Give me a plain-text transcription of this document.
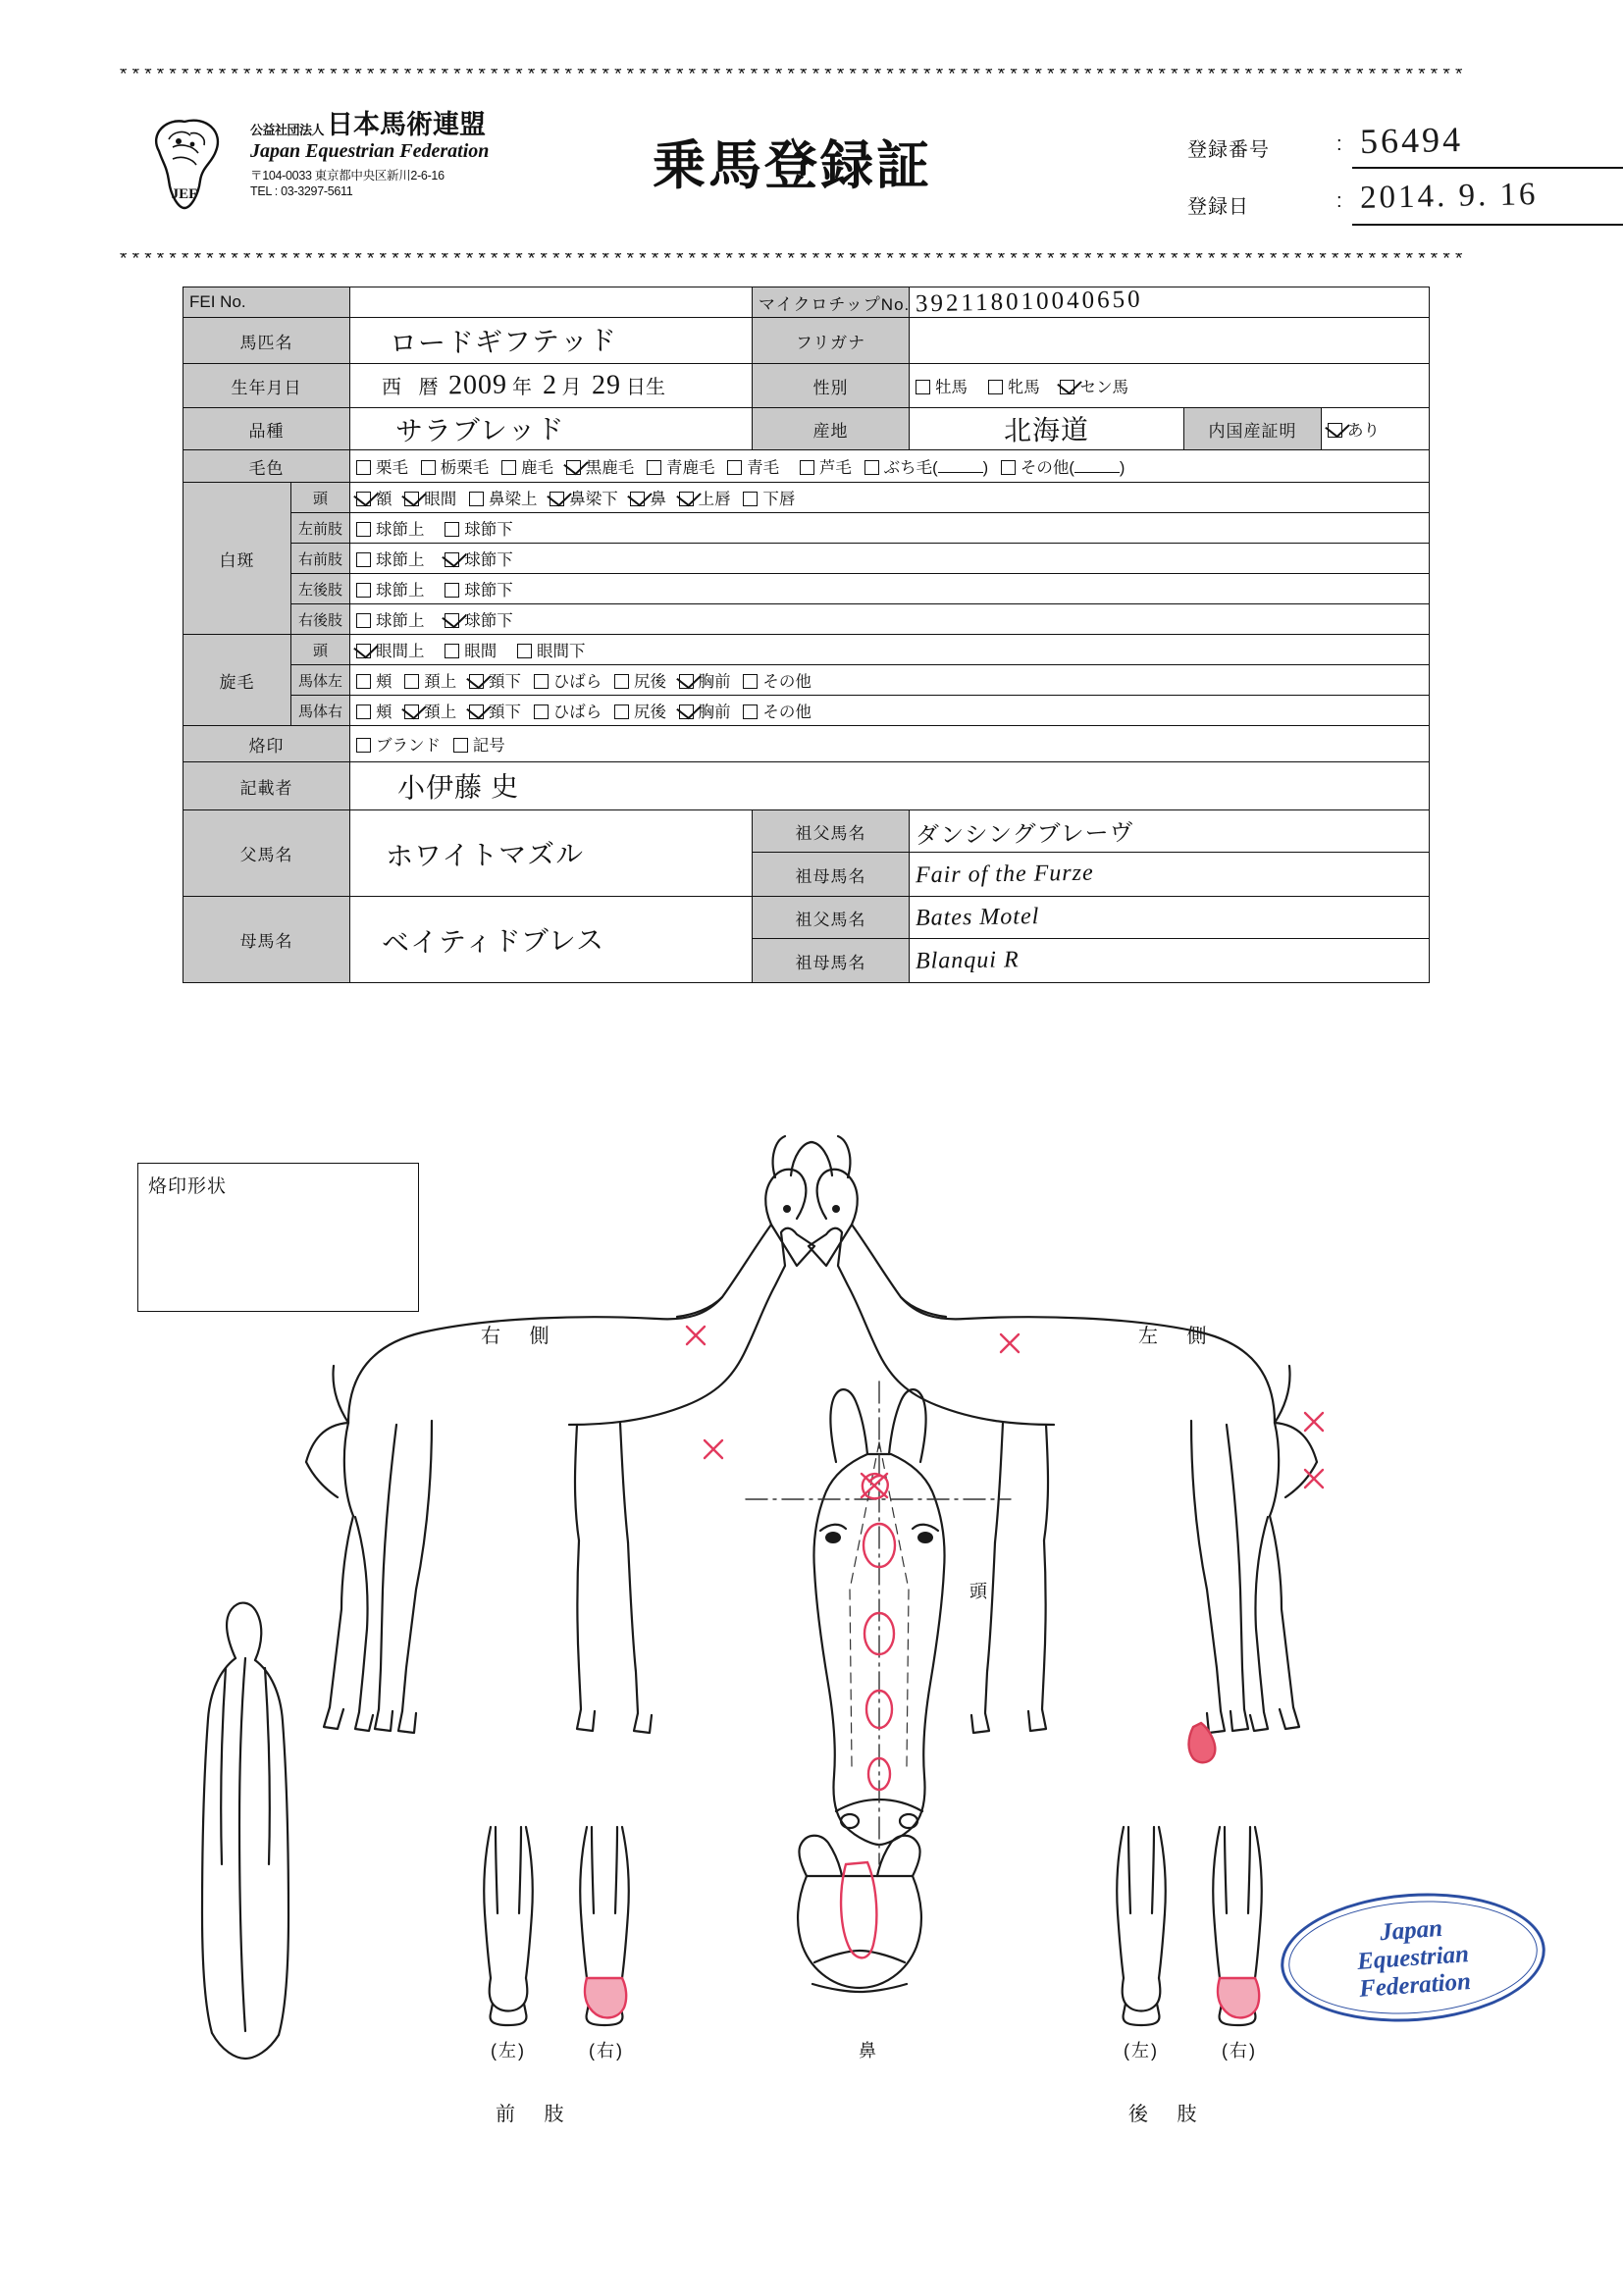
*************************************************************************************************************
JEF
公益社団法人 日本馬術連盟
Japan Equestrian Federation
〒104-0033 東京都中央区新川2-6-16
TEL : 03-3297-5611	乗馬登録証	登録番号	: 56494
登録日	: 2014. 9. 16
*************************************************************************************************************
FEI No.			マイクロチップNo.	392118010040650		
馬匹名		ロードギフテッド	フリガナ			
生年月日		西 暦 2009 年 2 月 29 日生	性別	牡馬 牝馬 セン馬		
品種		サラブレッド	産地	北海道	内国産証明	あり
毛色		栗毛 栃栗毛 鹿毛 黒鹿毛 青鹿毛 青毛 芦毛 ぶち毛( ) その他( )				
白斑	頭	額 眼間 鼻梁上 鼻梁下 鼻 上唇 下唇				
	左前肢	球節上 球節下				
	右前肢	球節上 球節下				
	左後肢	球節上 球節下				
	右後肢	球節上 球節下				
旋毛	頭	眼間上 眼間 眼間下				
	馬体左	頬 頚上 頚下 ひばら 尻後 胸前 その他				
	馬体右	頬 頚上 頚下 ひばら 尻後 胸前 その他				
烙印		ブランド 記号				
記載者		小伊藤 史				
父馬名		ホワイトマズル	祖父馬名	ダンシングブレーヴ		
			祖母馬名	Fair of the Furze		
母馬名		ベイティドブレス	祖父馬名	Bates Motel		
			祖母馬名	Blanqui R		
烙印形状
右 側	左 側
頭
(左)	(右)
前 肢
(左)	(右)
後 肢
鼻
Japan
Equestrian
Federation
